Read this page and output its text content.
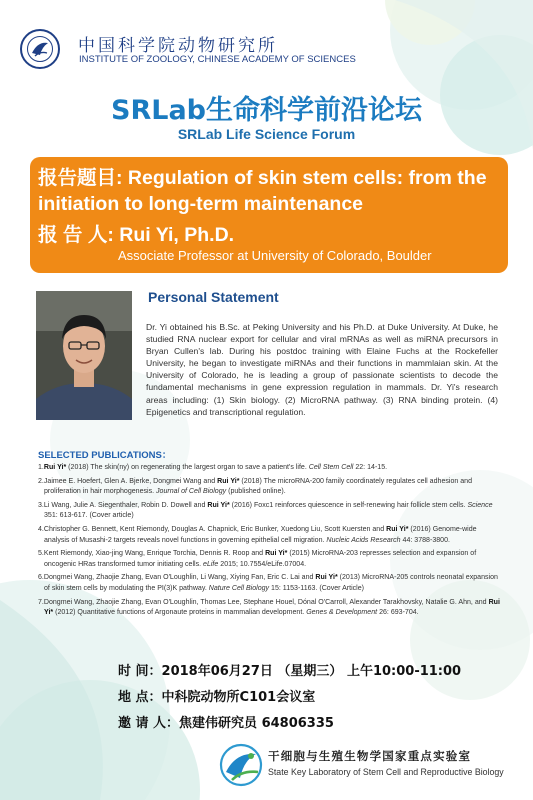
中国科学院动物研究所
INSTITUTE OF ZOOLOGY, CHINESE ACADEMY OF SCIENCES
SRLab生命科学前沿论坛
SRLab Life Science Forum
报告题目: Regulation of skin stem cells: from the initiation to long-term maintenance
报 告 人: Rui Yi, Ph.D.
Associate Professor at University of Colorado, Boulder
Personal Statement
Dr. Yi obtained his B.Sc. at Peking University and his Ph.D. at Duke University. At Duke, he studied RNA nuclear export for cellular and viral mRNAs as well as miRNA precursors in Bryan Cullen's lab. During his postdoc training with Elaine Fuchs at the Rockefeller University, he began to investigate miRNAs and their functions in mammlaian skin. At the University of Colorado, he is leading a group of passionate scientists to decode the fundamental mechanisms in gene expression regulation in mammals. Dr. Yi's research areas including: (1) Skin biology. (2) MicroRNA pathway. (3) RNA binding protein. (4) Epigenetics and transcriptional regulation.
SELECTED PUBLICATIONS：
1.Rui Yi* (2018) The skin(ny) on regenerating the largest organ to save a patient's life. Cell Stem Cell 22: 14-15.
2.Jaimee E. Hoefert, Glen A. Bjerke, Dongmei Wang and Rui Yi* (2018) The microRNA-200 family coordinately regulates cell adhesion and proliferation in hair morphogenesis. Journal of Cell Biology (published online).
3.Li Wang, Julie A. Siegenthaler, Robin D. Dowell and Rui Yi* (2016) Foxc1 reinforces quiescence in self-renewing hair follicle stem cells. Science 351: 613-617. (Cover article)
4.Christopher G. Bennett, Kent Riemondy, Douglas A. Chapnick, Eric Bunker, Xuedong Liu, Scott Kuersten and Rui Yi* (2016) Genome-wide analysis of Musashi-2 targets reveals novel functions in governing epithelial cell migration. Nucleic Acids Research 44: 3788-3800.
5.Kent Riemondy, Xiao-jing Wang, Enrique Torchia, Dennis R. Roop and Rui Yi* (2015) MicroRNA-203 represses selection and expansion of oncogenic HRas transformed tumor initiating cells. eLife 2015; 10.7554/eLife.07004.
6.Dongmei Wang, Zhaojie Zhang, Evan O'Loughlin, Li Wang, Xiying Fan, Eric C. Lai and Rui Yi* (2013) MicroRNA-205 controls neonatal expansion of skin stem cells by modulating the PI(3)K pathway. Nature Cell Biology 15: 1153-1163. (Cover Article)
7.Dongmei Wang, Zhaojie Zhang, Evan O'Loughlin, Thomas Lee, Stephane Houel, Dónal O'Carroll, Alexander Tarakhovsky, Natalie G. Ahn, and Rui Yi* (2012) Quantitative functions of Argonaute proteins in mammalian development. Genes & Development 26: 693-704.
时 间：2018年06月27日 （星期三） 上午10:00-11:00
地 点：中科院动物所C101会议室
邀 请 人：焦建伟研究员 64806335
干细胞与生殖生物学国家重点实验室
State Key Laboratory of Stem Cell and Reproductive Biology
